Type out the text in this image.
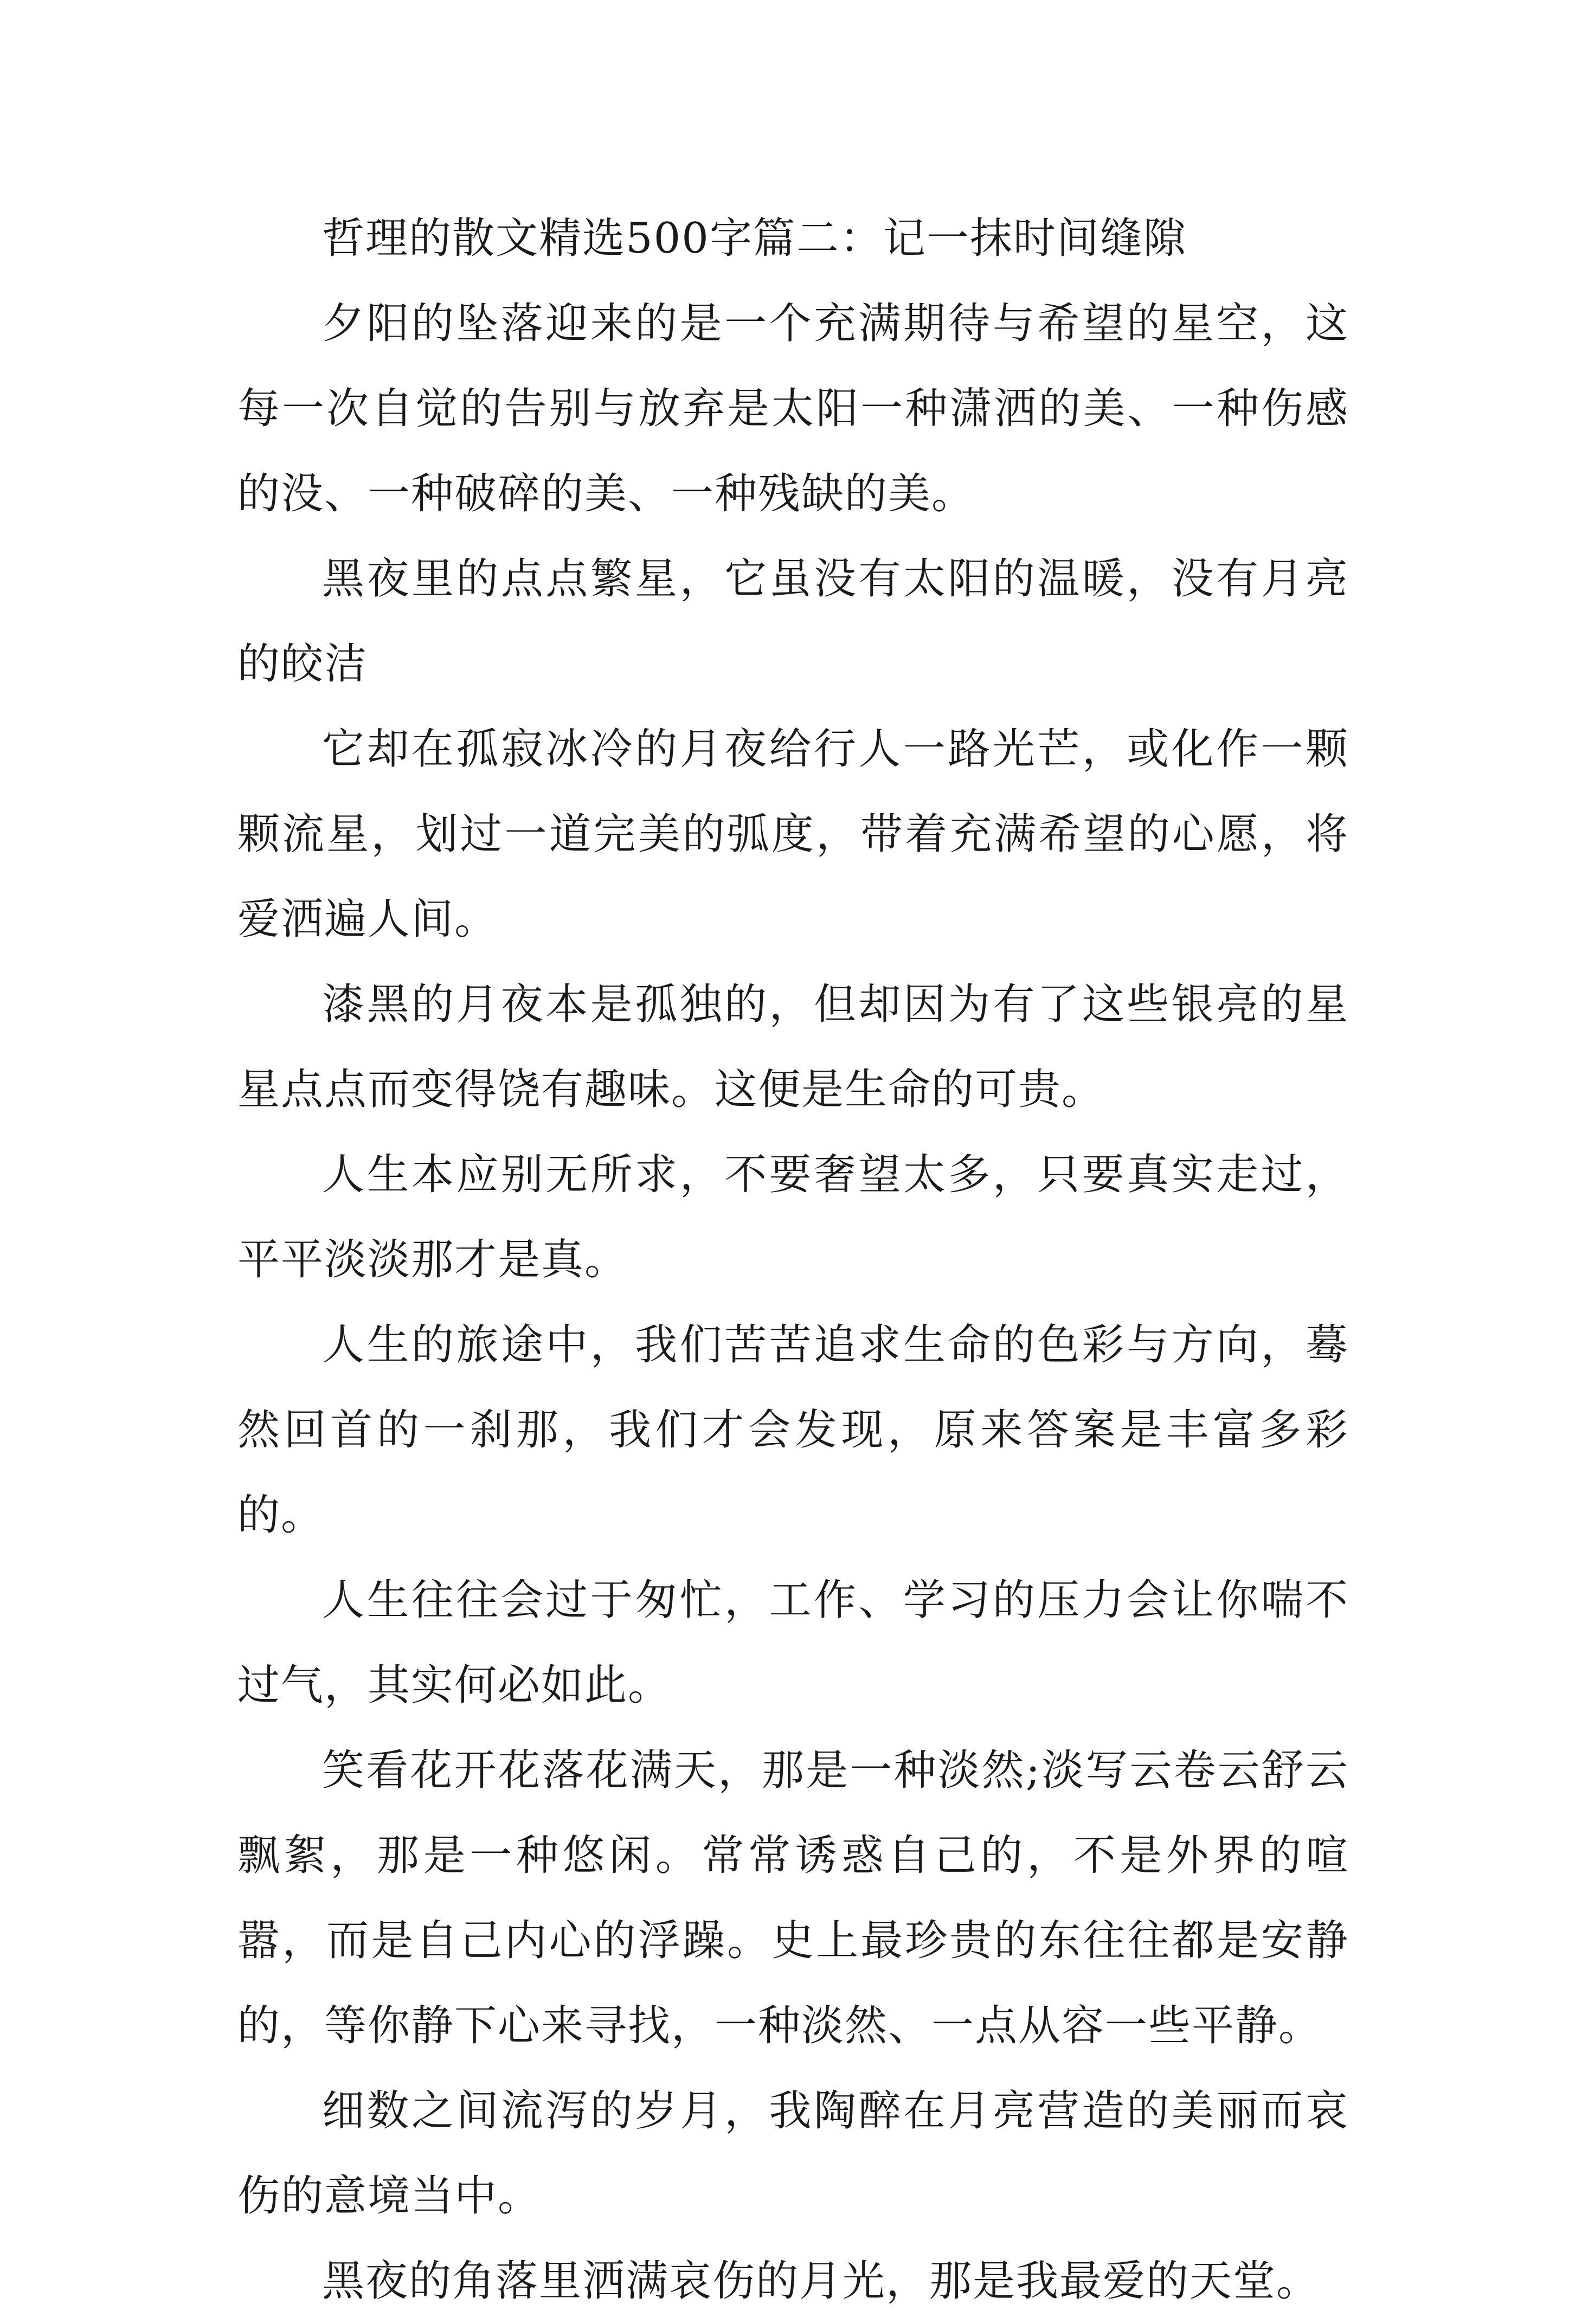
哲理的散文精选500字篇二：记一抹时间缝隙

夕阳的坠落迎来的是一个充满期待与希望的星空，这每一次自觉的告别与放弃是太阳一种潇洒的美、一种伤感的没、一种破碎的美、一种残缺的美。

黑夜里的点点繁星，它虽没有太阳的温暖，没有月亮的皎洁

它却在孤寂冰冷的月夜给行人一路光芒，或化作一颗颗流星，划过一道完美的弧度，带着充满希望的心愿，将爱洒遍人间。

漆黑的月夜本是孤独的，但却因为有了这些银亮的星星点点而变得饶有趣味。这便是生命的可贵。

人生本应别无所求，不要奢望太多，只要真实走过，平平淡淡那才是真。

人生的旅途中，我们苦苦追求生命的色彩与方向，蓦然回首的一刹那，我们才会发现，原来答案是丰富多彩的。

人生往往会过于匆忙，工作、学习的压力会让你喘不过气，其实何必如此。

笑看花开花落花满天，那是一种淡然;淡写云卷云舒云飘絮，那是一种悠闲。常常诱惑自己的，不是外界的喧嚣，而是自己内心的浮躁。史上最珍贵的东往往都是安静的，等你静下心来寻找，一种淡然、一点从容一些平静。

细数之间流泻的岁月，我陶醉在月亮营造的美丽而哀伤的意境当中。

黑夜的角落里洒满哀伤的月光，那是我最爱的天堂。
